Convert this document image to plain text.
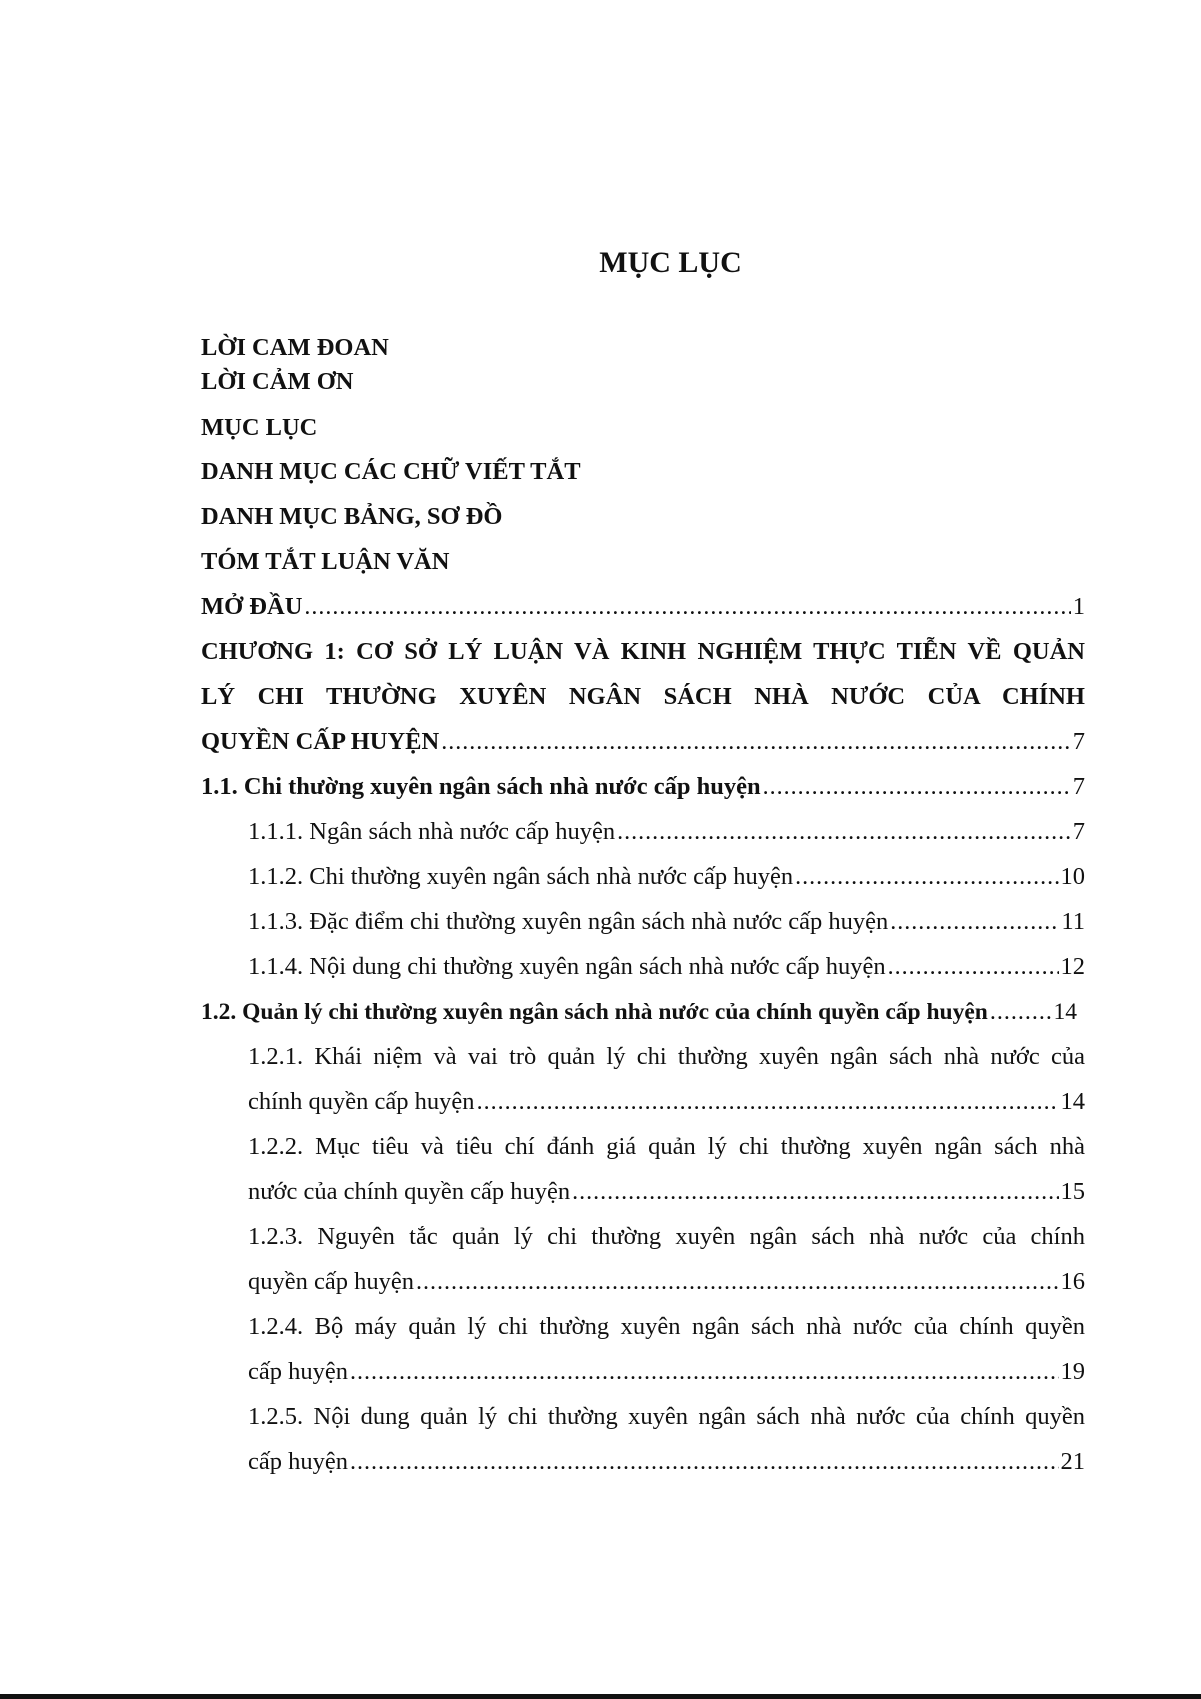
MỤC LỤC
LỜI CAM ĐOAN
LỜI CẢM ƠN
MỤC LỤC
DANH MỤC CÁC CHỮ VIẾT TẮT
DANH MỤC BẢNG, SƠ ĐỒ
TÓM TẮT LUẬN VĂN
MỞ ĐẦU . . .	1
CHƯƠNG 1: CƠ SỞ LÝ LUẬN VÀ KINH NGHIỆM THỰC TIỄN VỀ QUẢN
LÝ CHI THƯỜNG XUYÊN NGÂN SÁCH NHÀ NƯỚC CỦA CHÍNH
QUYỀN CẤP HUYỆN . . .	7
1.1. Chi thường xuyên ngân sách nhà nước cấp huyện . . .	7
1.1.1. Ngân sách nhà nước cấp huyện . . .	7
1.1.2. Chi thường xuyên ngân sách nhà nước cấp huyện . . .	10
1.1.3. Đặc điểm chi thường xuyên ngân sách nhà nước cấp huyện . . .	11
1.1.4. Nội dung chi thường xuyên ngân sách nhà nước cấp huyện . . .	12
1.2. Quản lý chi thường xuyên ngân sách nhà nước của chính quyền cấp huyện . . .	14
1.2.1. Khái niệm và vai trò quản lý chi thường xuyên ngân sách nhà nước của
chính quyền cấp huyện . . .	14
1.2.2. Mục tiêu và tiêu chí đánh giá quản lý chi thường xuyên ngân sách nhà
nước của chính quyền cấp huyện . . .	15
1.2.3. Nguyên tắc quản lý chi thường xuyên ngân sách nhà nước của chính
quyền cấp huyện . . .	16
1.2.4. Bộ máy quản lý chi thường xuyên ngân sách nhà nước của chính quyền
cấp huyện . . .	19
1.2.5. Nội dung quản lý chi thường xuyên ngân sách nhà nước của chính quyền
cấp huyện . . .	21
